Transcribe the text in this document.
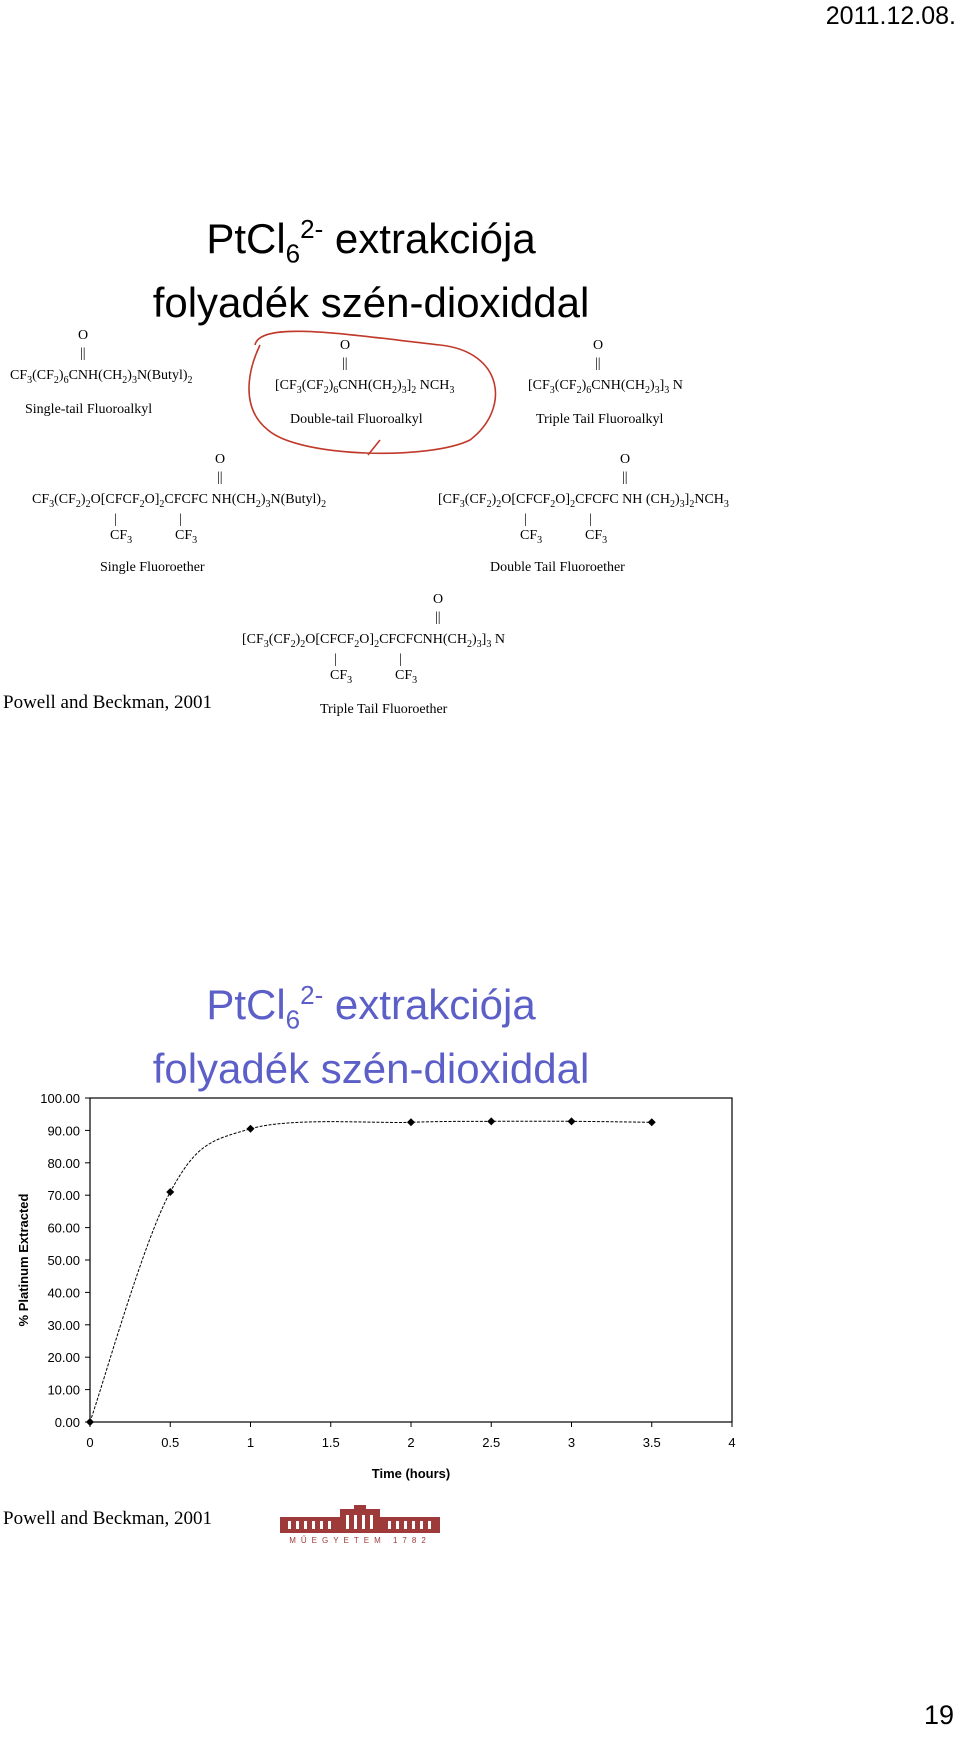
2011.12.08.
PtCl$_6^{2-}$ extrakciója
folyadék szén-dioxiddal
$CF_3(CF_2)_6CNH(CH_2)_3N(Butyl)_2$
O
||
Single-tail Fluoroalkyl
$[CF_3(CF_2)_6CNH(CH_2)_3]_2$ $NCH_3$
O
||
Double-tail Fluoroalkyl
$[CF_3(CF_2)_6CNH(CH_2)_3]_3$ N
O
||
Triple Tail Fluoroalkyl
$CF_3(CF_2)_2O[CFCF_2O]_2CFCFC$ $NH(CH_2)_3N(Butyl)_2$
O
||
Single Fluoroether
|
$CF_3$
|
$CF_3$
[$CF_3(CF_2)_2O[CFCF_2O]_2CFCFC$ NH $(CH_2)_3]_2NCH_3$
O
||
Double Tail Fluoroether
|
$CF_3$
|
$CF_3$
$[CF_3(CF_2)_2O[CFCF_2O]_2CFCFCNH(CH_2)_3]_3$ N
O
||
Triple Tail Fluoroether
|
$CF_3$
|
$CF_3$
Powell and Beckman, 2001
PtCl$_6^{2-}$ extrakciója
folyadék szén-dioxiddal
0.00
10.00
20.00
30.00
40.00
50.00
60.00
70.00
80.00
90.00
100.00
0	0.5	1	1.5	2	2.5	3	3.5	4
Time (hours)
% Platinum Extracted
Powell and Beckman, 2001
MŰEGYETEM 1782
19
